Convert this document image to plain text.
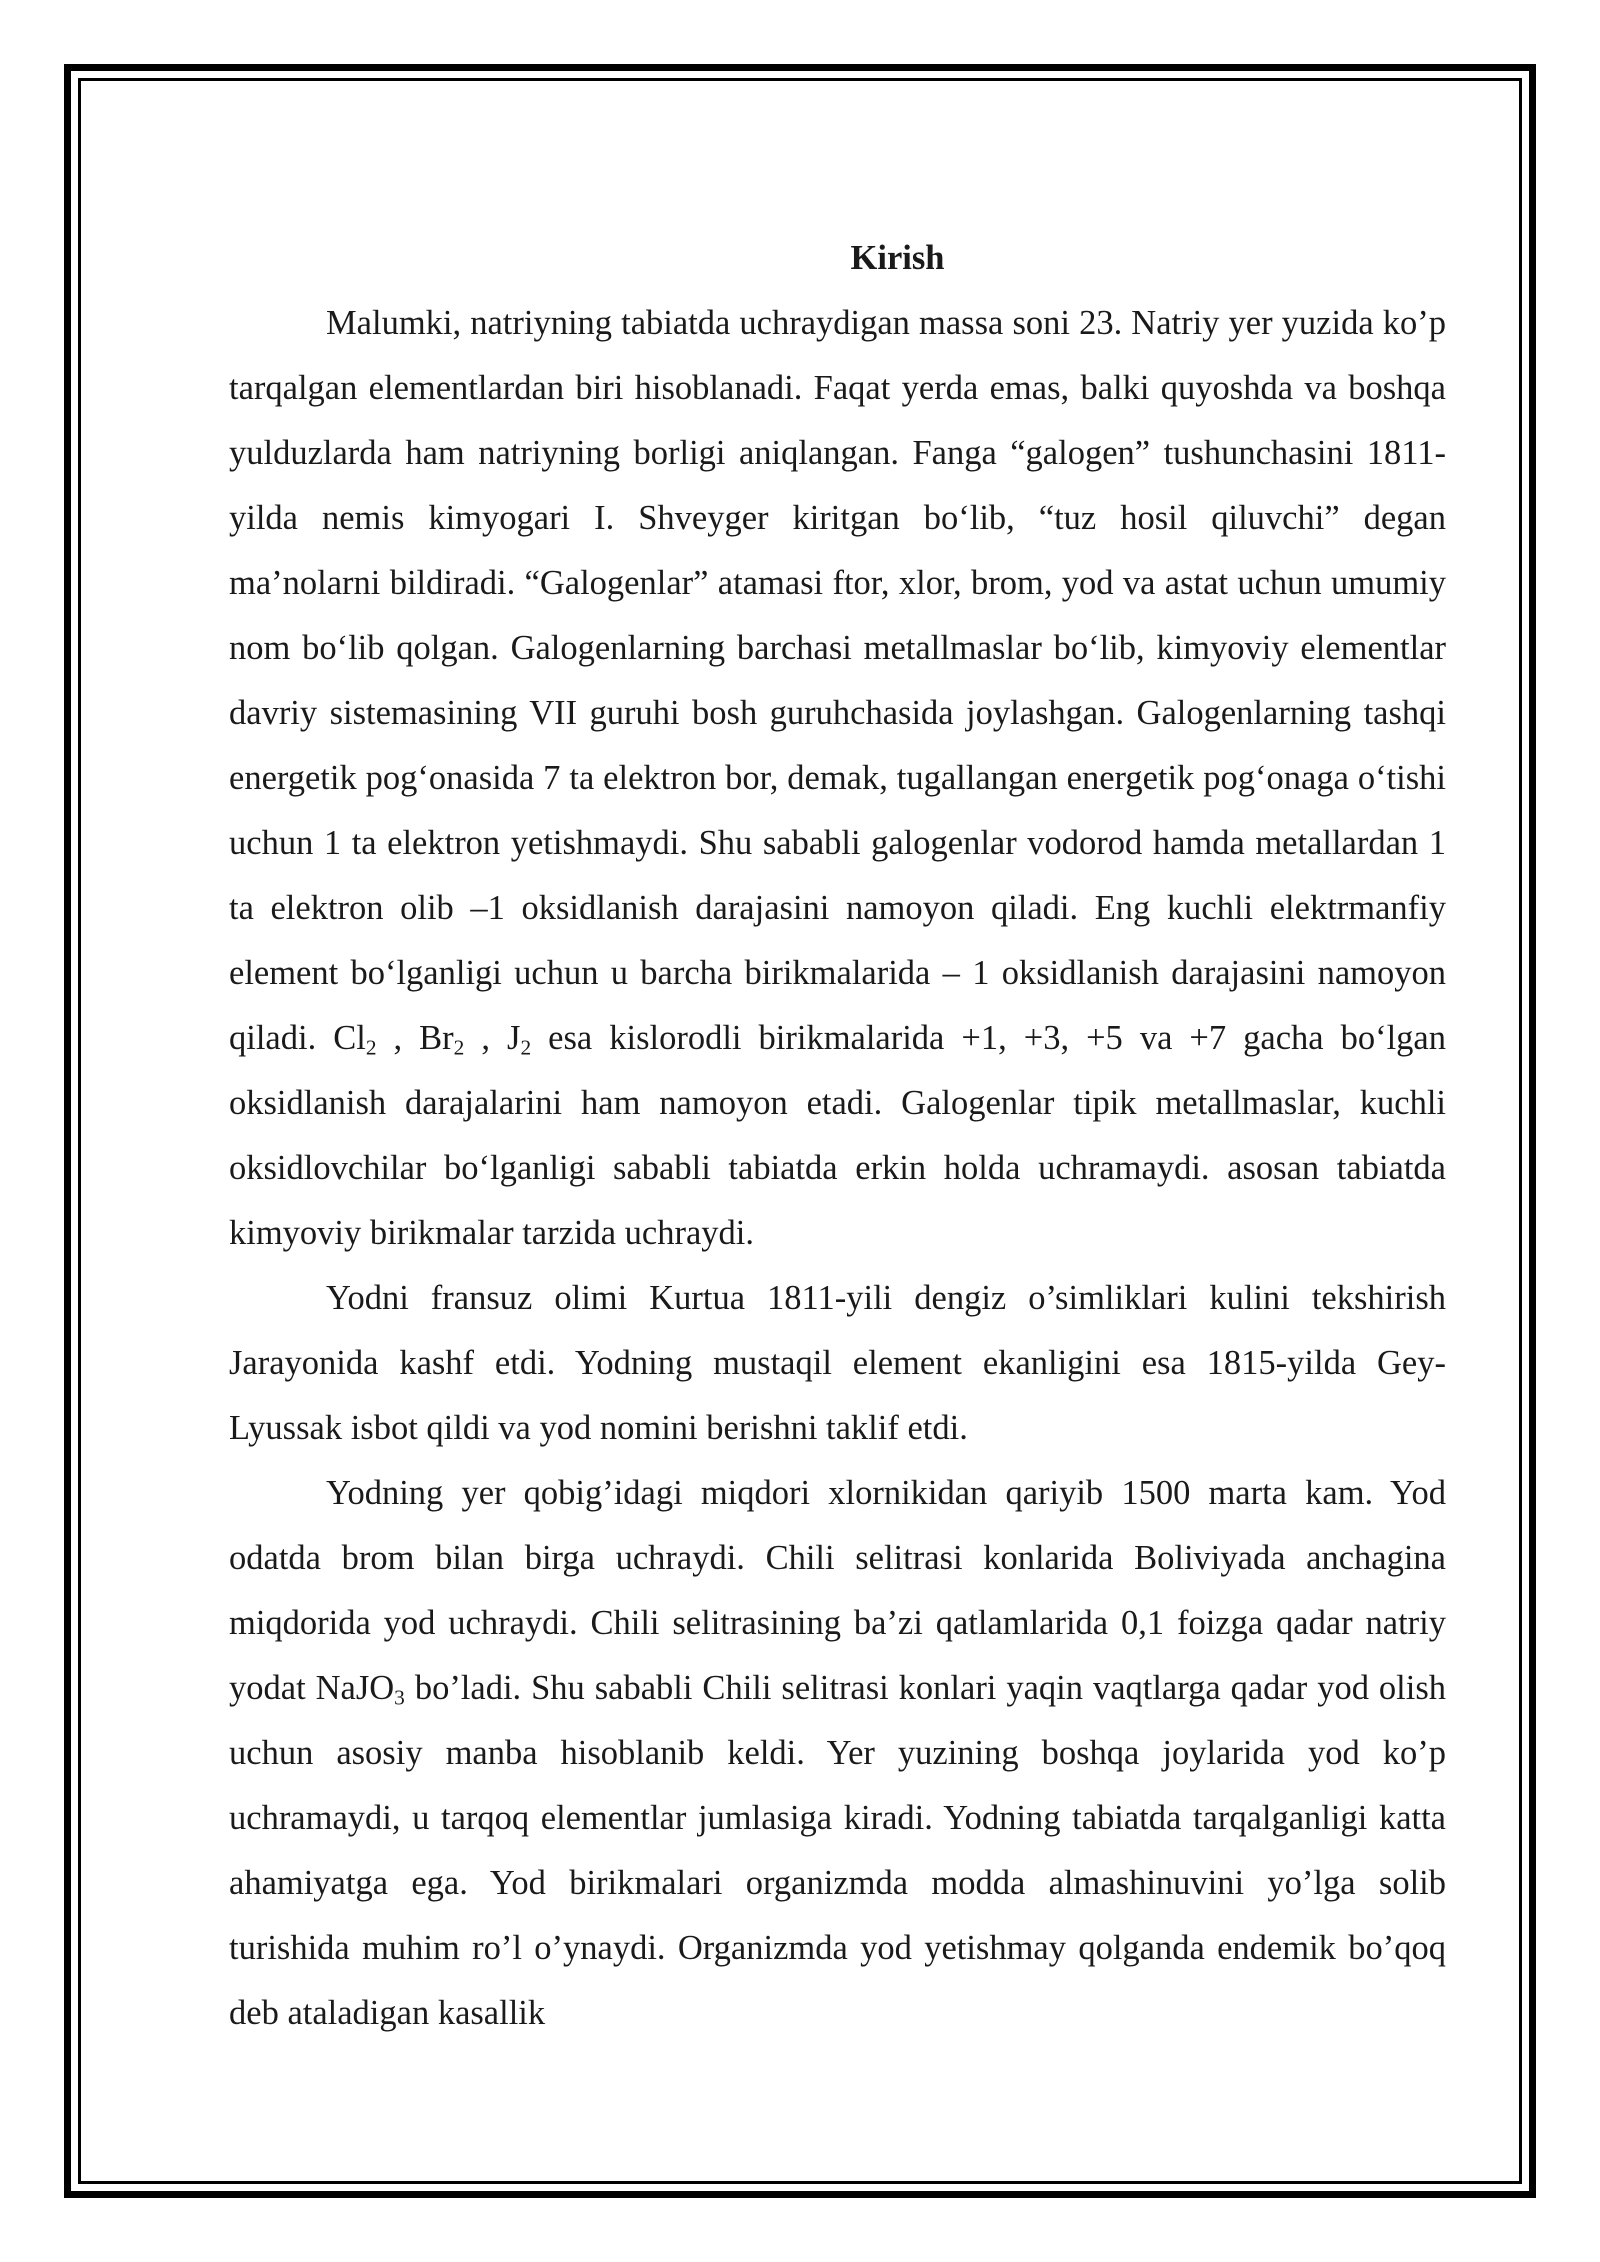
Kirish

Malumki, natriyning tabiatda uchraydigan massa soni 23. Natriy yer yuzida ko’p tarqalgan elementlardan biri hisoblanadi. Faqat yerda emas, balki quyoshda va boshqa yulduzlarda ham natriyning borligi aniqlangan. Fanga “galogen” tushunchasini 1811- yilda nemis kimyogari I. Shveyger kiritgan bo‘lib, “tuz hosil qiluvchi” degan ma’nolarni bildiradi. “Galogenlar” atamasi ftor, xlor, brom, yod va astat uchun umumiy nom bo‘lib qolgan. Galogenlarning barchasi metallmaslar bo‘lib, kimyoviy elementlar davriy sistemasining VII guruhi bosh guruhchasida joylashgan. Galogenlarning tashqi energetik pog‘onasida 7 ta elektron bor, demak, tugallangan energetik pog‘onaga o‘tishi uchun 1 ta elektron yetishmaydi. Shu sababli galogenlar vodorod hamda metallardan 1 ta elektron olib –1 oksidlanish darajasini namoyon qiladi. Eng kuchli elektrmanfiy element bo‘lganligi uchun u barcha birikmalarida – 1 oksidlanish darajasini namoyon qiladi. $Cl_2$ , $Br_2$ , $J_2$ esa kislorodli birikmalarida +1, +3, +5 va +7 gacha bo‘lgan oksidlanish darajalarini ham namoyon etadi. Galogenlar tipik metallmaslar, kuchli oksidlovchilar bo‘lganligi sababli tabiatda erkin holda uchramaydi. asosan tabiatda kimyoviy birikmalar tarzida uchraydi.

Yodni fransuz olimi Kurtua 1811-yili dengiz o’simliklari kulini tekshirish Jarayonida kashf etdi. Yodning mustaqil element ekanligini esa 1815-yilda Gey-Lyussak isbot qildi va yod nomini berishni taklif etdi.

Yodning yer qobig’idagi miqdori xlornikidan qariyib 1500 marta kam. Yod odatda brom bilan birga uchraydi. Chili selitrasi konlarida Boliviyada anchagina miqdorida yod uchraydi. Chili selitrasining ba’zi qatlamlarida 0,1 foizga qadar natriy yodat NaJO$_3$ bo’ladi. Shu sababli Chili selitrasi konlari yaqin vaqtlarga qadar yod olish uchun asosiy manba hisoblanib keldi. Yer yuzining boshqa joylarida yod ko’p uchramaydi, u tarqoq elementlar jumlasiga kiradi. Yodning tabiatda tarqalganligi katta ahamiyatga ega. Yod birikmalari organizmda modda almashinuvini yo’lga solib turishida muhim ro’l o’ynaydi. Organizmda yod yetishmay qolganda endemik bo’qoq deb ataladigan kasallik
